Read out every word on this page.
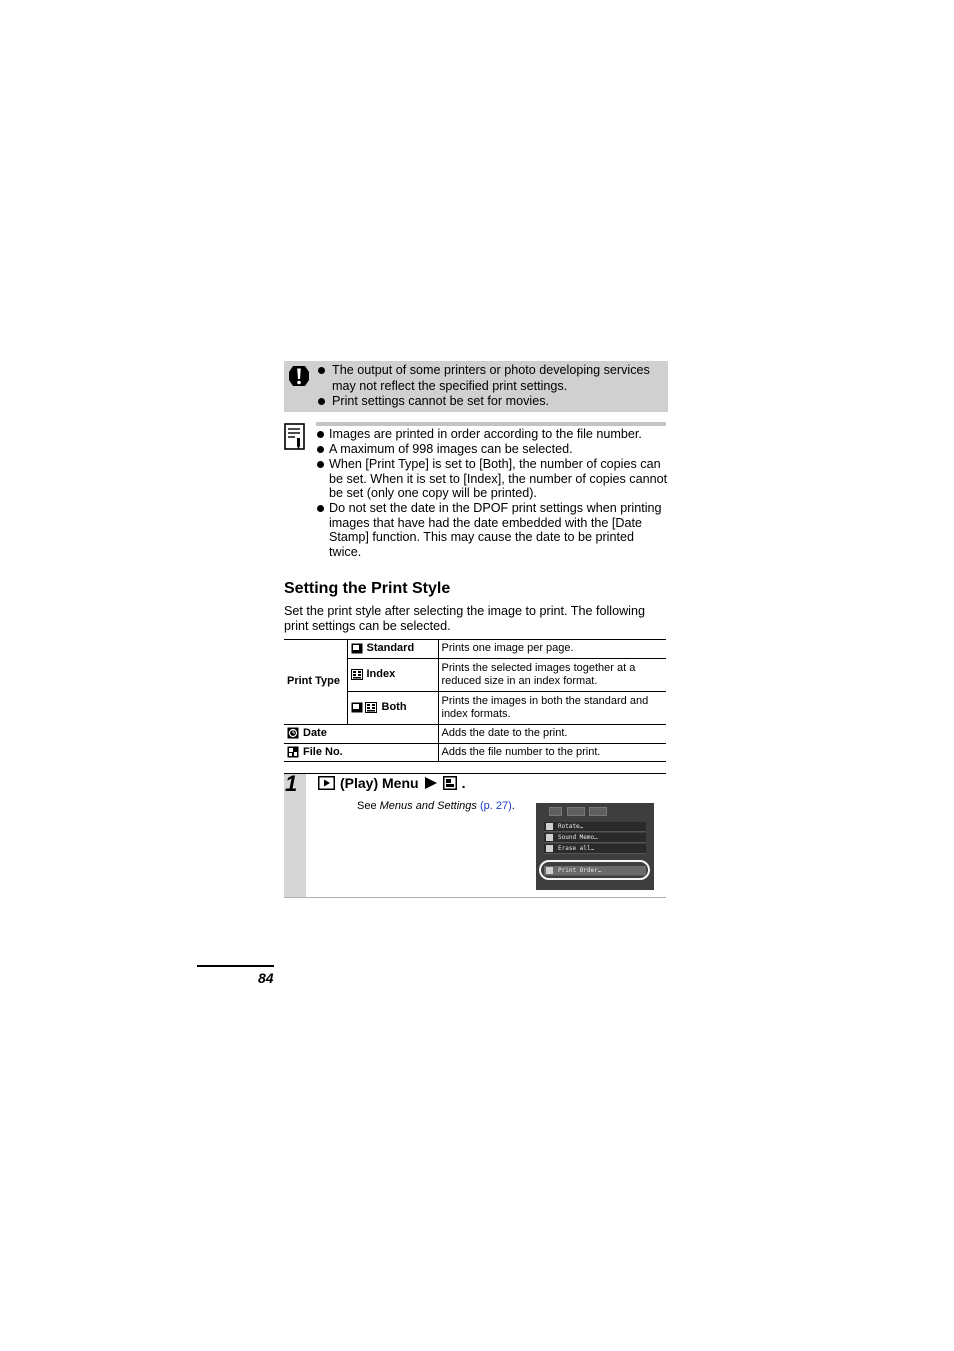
The output of some printers or photo developing services may not reflect the specified print settings.
Print settings cannot be set for movies.
Images are printed in order according to the file number.
A maximum of 998 images can be selected.
When [Print Type] is set to [Both], the number of copies can be set. When it is set to [Index], the number of copies cannot be set (only one copy will be printed).
Do not set the date in the DPOF print settings when printing images that have had the date embedded with the [Date Stamp] function. This may cause the date to be printed twice.
Setting the Print Style
Set the print style after selecting the image to print. The following print settings can be selected.
Print Type	Standard	Prints one image per page.
	Index	Prints the selected images together at a reduced size in an index format.
	Both	Prints the images in both the standard and index formats.
Date		Adds the date to the print.
File No.		Adds the file number to the print.
1	(Play) Menu	.
See Menus and Settings (p. 27).
Rotate…
Sound Memo…
Erase all…
Print Order…
84
